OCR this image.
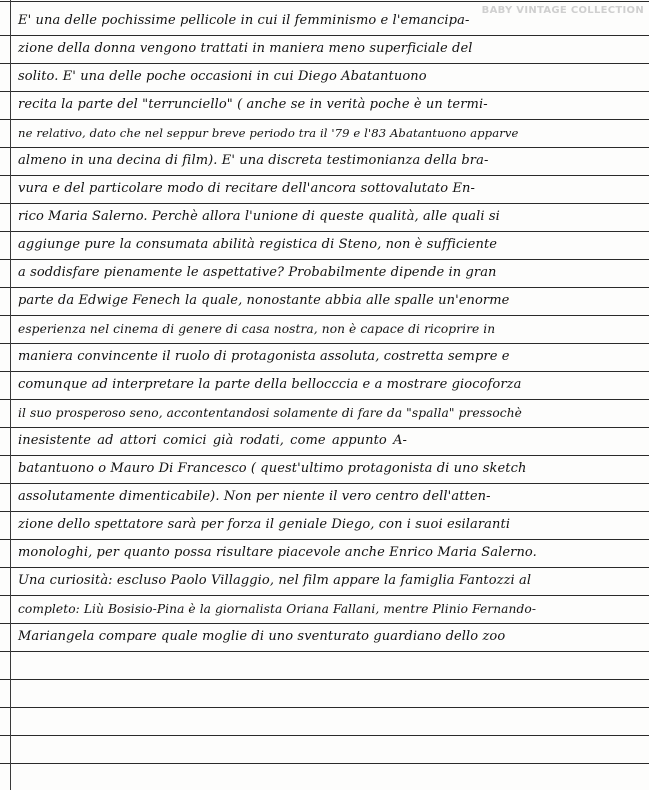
BABY VINTAGE COLLECTION
E' una delle pochissime pellicole in cui il femminismo e l'emancipa-
zione della donna vengono trattati in maniera meno superficiale del
solito. E' una delle poche occasioni in cui Diego Abatantuono
recita la parte del "terrunciello" ( anche se in verità poche è un termi-
ne relativo, dato che nel seppur breve periodo tra il '79 e l'83 Abatantuono apparve
almeno in una decina di film). E' una discreta testimonianza della bra-
vura e del particolare modo di recitare dell'ancora sottovalutato En-
rico Maria Salerno. Perchè allora l'unione di queste qualità, alle quali si
aggiunge pure la consumata abilità registica di Steno, non è sufficiente
a soddisfare pienamente le aspettative? Probabilmente dipende in gran
parte da Edwige Fenech la quale, nonostante abbia alle spalle un'enorme
esperienza nel cinema di genere di casa nostra, non è capace di ricoprire in
maniera convincente il ruolo di protagonista assoluta, costretta sempre e
comunque ad interpretare la parte della bellocccia e a mostrare giocoforza
il suo prosperoso seno, accontentandosi solamente di fare da "spalla" pressochè
inesistente ad attori comici già rodati, come appunto A-
batantuono o Mauro Di Francesco ( quest'ultimo protagonista di uno sketch
assolutamente dimenticabile). Non per niente il vero centro dell'atten-
zione dello spettatore sarà per forza il geniale Diego, con i suoi esilaranti
monologhi, per quanto possa risultare piacevole anche Enrico Maria Salerno.
Una curiosità: escluso Paolo Villaggio, nel film appare la famiglia Fantozzi al
completo: Liù Bosisio-Pina è la giornalista Oriana Fallani, mentre Plinio Fernando-
Mariangela compare quale moglie di uno sventurato guardiano dello zoo
